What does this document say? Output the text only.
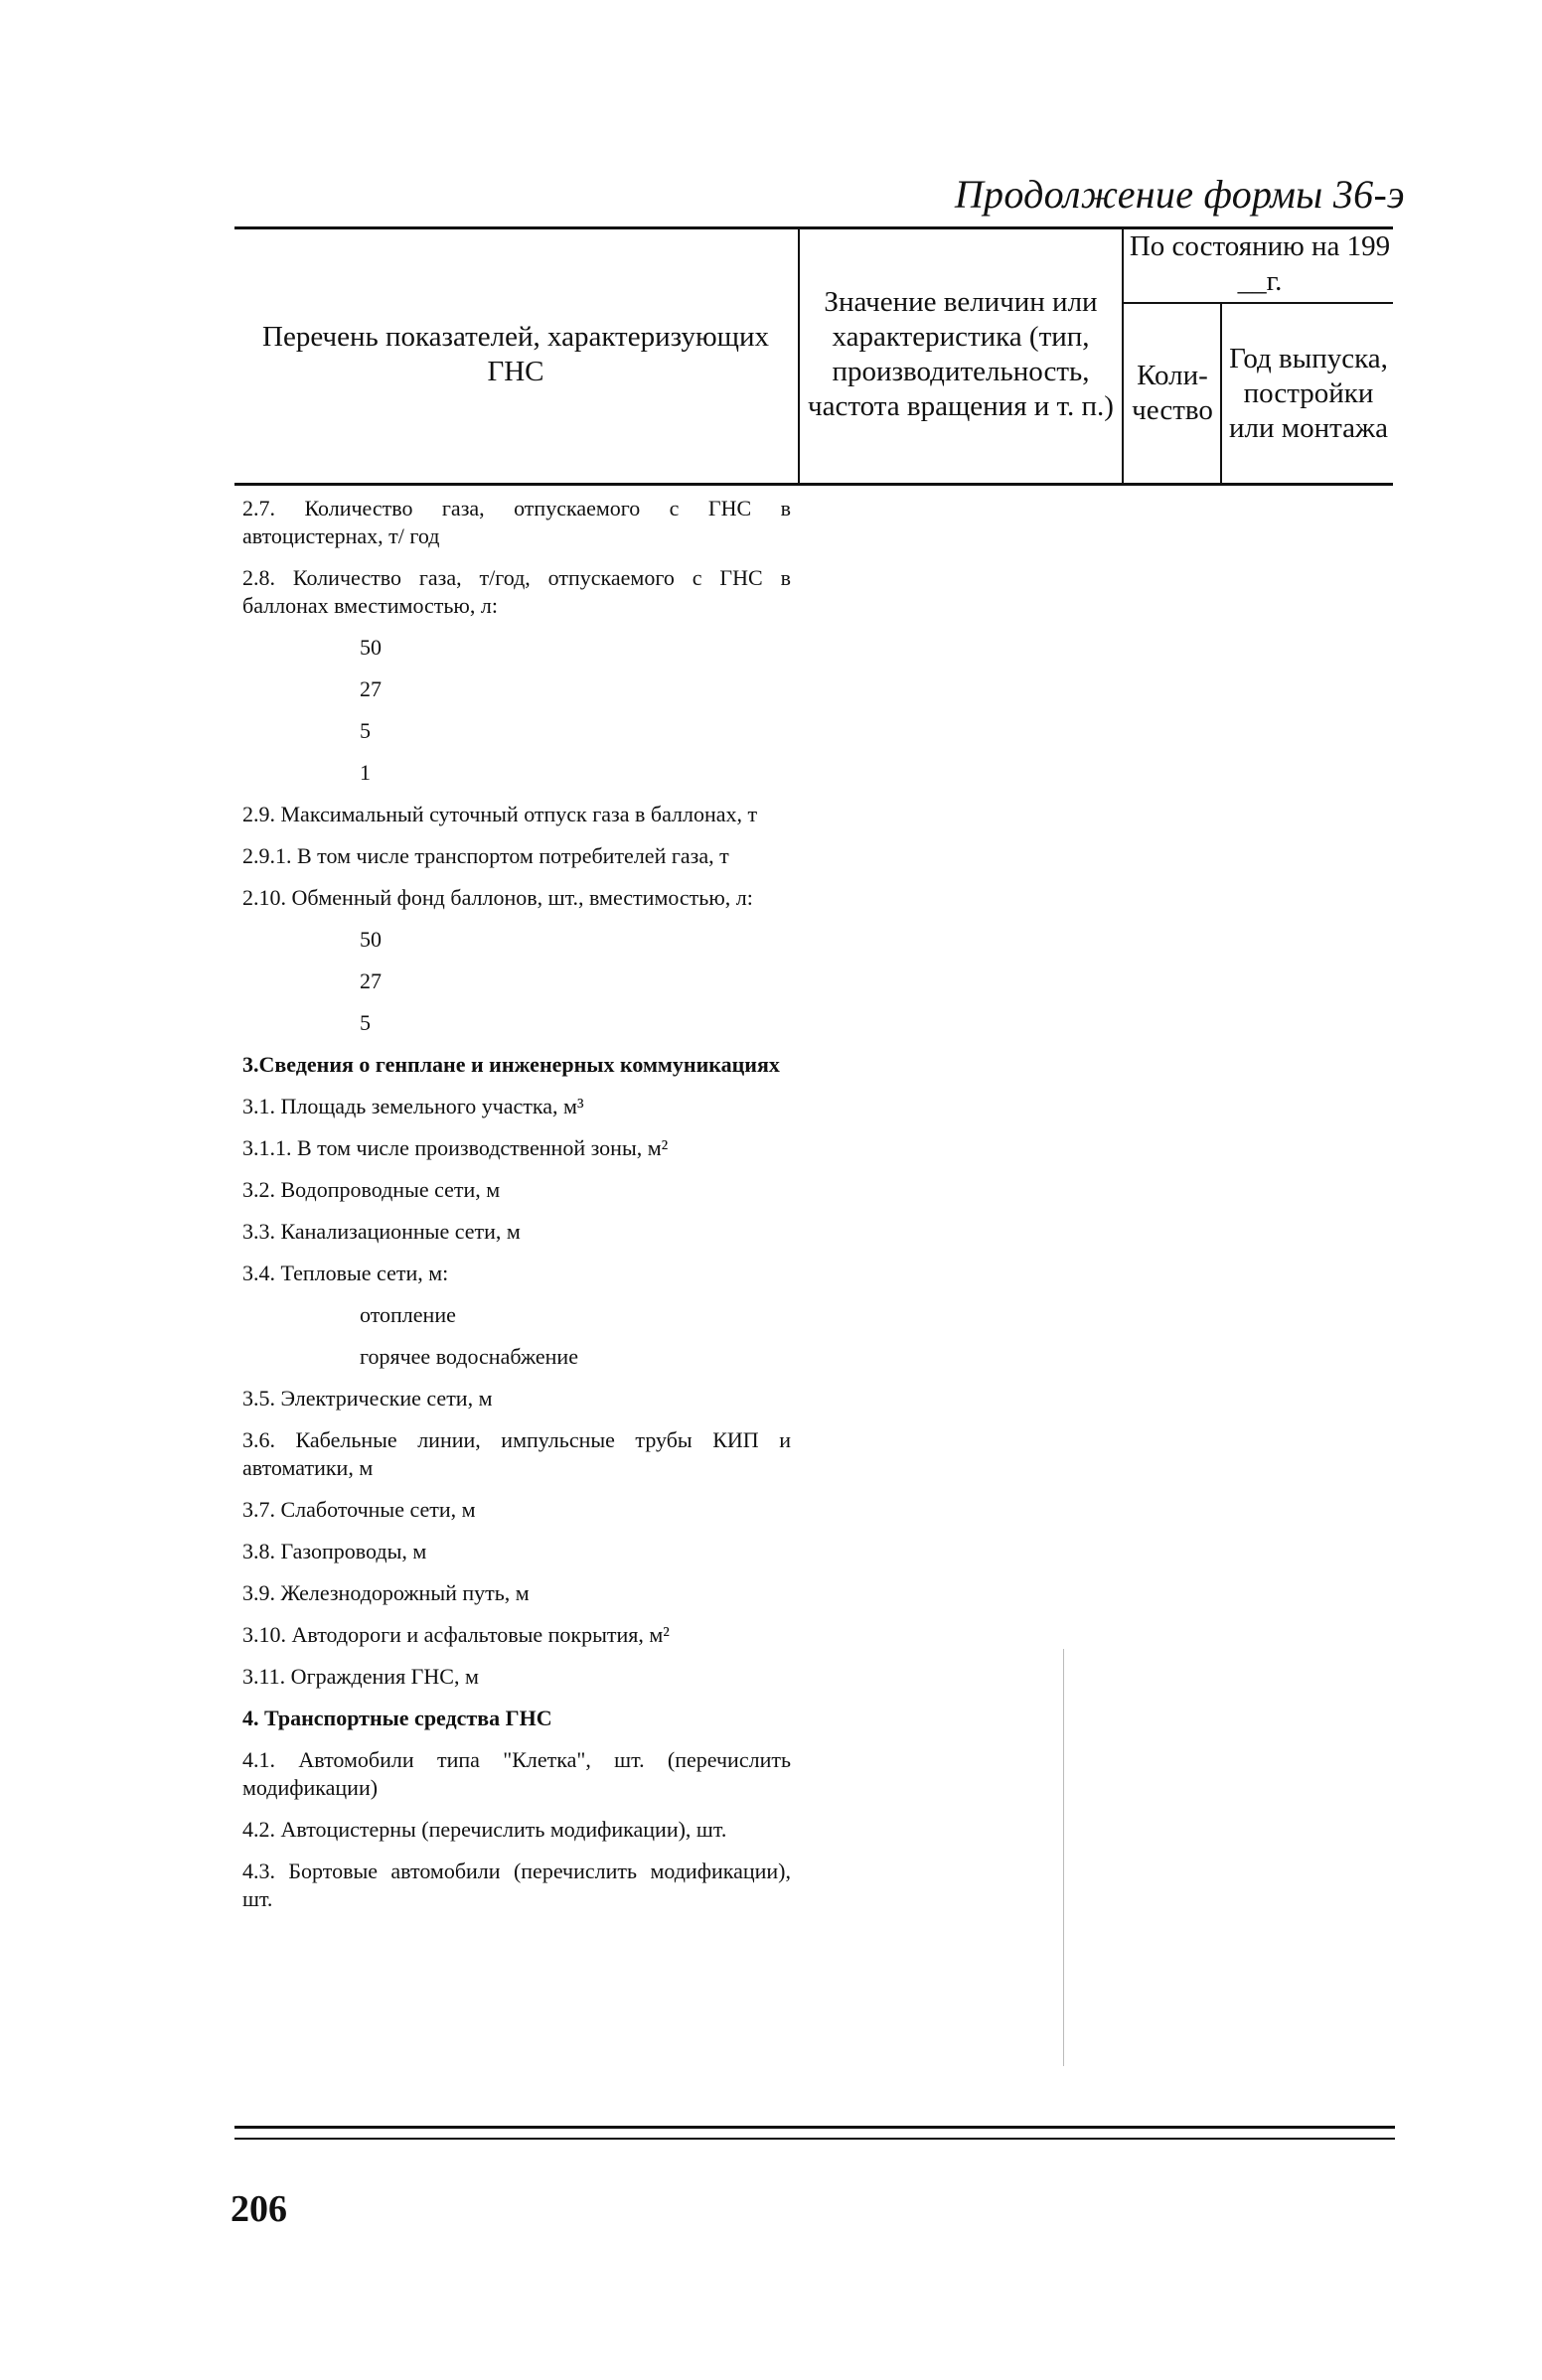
Продолжение формы 36-э
Перечень показателей, характеризующих ГНС
Значение величин или характеристика (тип, производительность, частота вращения и т. п.)
По состоянию на 199 __г.
Коли-чество
Год выпуска, постройки или монтажа
2.7. Количество газа, отпускаемого с ГНС в автоцистернах, т/ год
2.8. Количество газа, т/год, отпускаемого с ГНС в баллонах вместимостью, л:
50
27
5
1
2.9. Максимальный суточный отпуск газа в баллонах, т
2.9.1. В том числе транспортом потребителей газа, т
2.10. Обменный фонд баллонов, шт., вместимостью, л:
50
27
5
3.Сведения о генплане и инженерных коммуникациях
3.1. Площадь земельного участка, м³
3.1.1. В том числе производственной зоны, м²
3.2. Водопроводные сети, м
3.3. Канализационные сети, м
3.4. Тепловые сети, м:
отопление
горячее водоснабжение
3.5. Электрические сети, м
3.6. Кабельные линии, импульсные трубы КИП и автоматики, м
3.7. Слаботочные сети, м
3.8. Газопроводы, м
3.9. Железнодорожный путь, м
3.10. Автодороги и асфальтовые покрытия, м²
3.11. Ограждения ГНС, м
4. Транспортные средства ГНС
4.1. Автомобили типа "Клетка", шт. (перечислить модификации)
4.2. Автоцистерны (перечислить модификации), шт.
4.3. Бортовые автомобили (перечислить модификации), шт.
206
